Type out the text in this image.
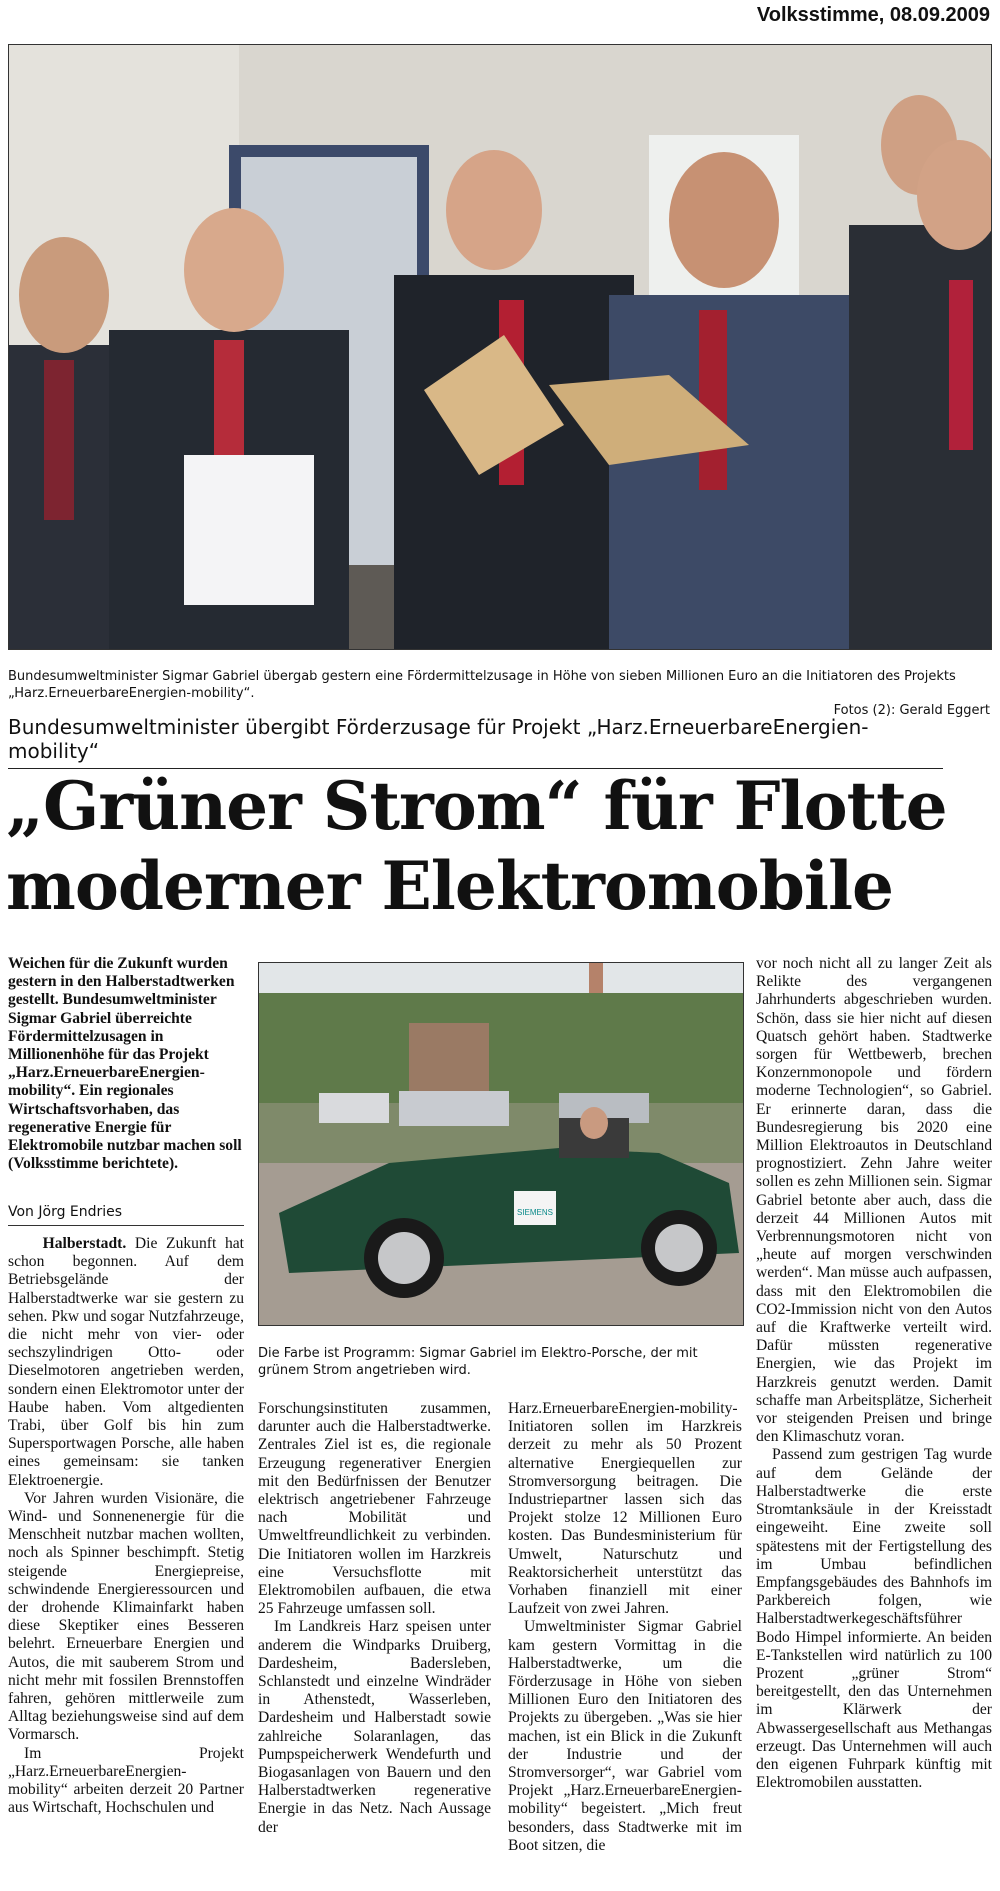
Volksstimme, 08.09.2009
Bundesumweltminister Sigmar Gabriel übergab gestern eine Fördermittelzusage in Höhe von sieben Millionen Euro an die Initiatoren des Projekts „Harz.ErneuerbareEnergien-mobility“.
Fotos (2): Gerald Eggert
Bundesumweltminister übergibt Förderzusage für Projekt „Harz.ErneuerbareEnergien-mobility“
„Grüner Strom“ für Flotte
moderner Elektromobile

Weichen für die Zukunft wurden gestern in den Halberstadtwerken gestellt. Bundesumweltminister Sigmar Gabriel überreichte Fördermittelzusagen in Millionenhöhe für das Projekt „Harz.ErneuerbareEnergien-mobility“. Ein regionales Wirtschaftsvorhaben, das regenerative Energie für Elektromobile nutzbar machen soll (Volksstimme berichtete).

Von Jörg Endries	SIEMENS
Die Farbe ist Programm: Sigmar Gabriel im Elektro-Porsche, der mit grünem Strom angetrieben wird.

Halberstadt. Die Zukunft hat schon begonnen. Auf dem Betriebsgelände der Halberstadtwerke war sie gestern zu sehen. Pkw und sogar Nutzfahrzeuge, die nicht mehr von vier- oder sechszylindrigen Otto- oder Dieselmotoren angetrieben werden, sondern einen Elektromotor unter der Haube haben. Vom altgedienten Trabi, über Golf bis hin zum Supersportwagen Porsche, alle haben eines gemeinsam: sie tanken Elektroenergie.

Vor Jahren wurden Visionäre, die Wind- und Sonnenenergie für die Menschheit nutzbar machen wollten, noch als Spinner beschimpft. Stetig steigende Energiepreise, schwindende Energieressourcen und der drohende Klimainfarkt haben diese Skeptiker eines Besseren belehrt. Erneuerbare Energien und Autos, die mit sauberem Strom und nicht mehr mit fossilen Brennstoffen fahren, gehören mittlerweile zum Alltag beziehungsweise sind auf dem Vormarsch.

Im Projekt „Harz.ErneuerbareEnergien-mobility“ arbeiten derzeit 20 Partner aus Wirtschaft, Hochschulen und

Forschungsinstituten zusammen, darunter auch die Halberstadtwerke. Zentrales Ziel ist es, die regionale Erzeugung regenerativer Energien mit den Bedürfnissen der Benutzer elektrisch angetriebener Fahrzeuge nach Mobilität und Umweltfreundlichkeit zu verbinden. Die Initiatoren wollen im Harzkreis eine Versuchsflotte mit Elektromobilen aufbauen, die etwa 25 Fahrzeuge umfassen soll.

Im Landkreis Harz speisen unter anderem die Windparks Druiberg, Dardesheim, Badersleben, Schlanstedt und einzelne Windräder in Athenstedt, Wasserleben, Dardesheim und Halberstadt sowie zahlreiche Solaranlagen, das Pumpspeicherwerk Wendefurth und Biogasanlagen von Bauern und den Halberstadtwerken regenerative Energie in das Netz. Nach Aussage der

Harz.ErneuerbareEnergien-mobility-Initiatoren sollen im Harzkreis derzeit zu mehr als 50 Prozent alternative Energiequellen zur Stromversorgung beitragen. Die Industriepartner lassen sich das Projekt stolze 12 Millionen Euro kosten. Das Bundesministerium für Umwelt, Naturschutz und Reaktorsicherheit unterstützt das Vorhaben finanziell mit einer Laufzeit von zwei Jahren.

Umweltminister Sigmar Gabriel kam gestern Vormittag in die Halberstadtwerke, um die Förderzusage in Höhe von sieben Millionen Euro den Initiatoren des Projekts zu übergeben. „Was sie hier machen, ist ein Blick in die Zukunft der Industrie und der Stromversorger“, war Gabriel vom Projekt „Harz.ErneuerbareEnergien-mobility“ begeistert. „Mich freut besonders, dass Stadtwerke mit im Boot sitzen, die

vor noch nicht all zu langer Zeit als Relikte des vergangenen Jahrhunderts abgeschrieben wurden. Schön, dass sie hier nicht auf diesen Quatsch gehört haben. Stadtwerke sorgen für Wettbewerb, brechen Konzernmonopole und fördern moderne Technologien“, so Gabriel. Er erinnerte daran, dass die Bundesregierung bis 2020 eine Million Elektroautos in Deutschland prognostiziert. Zehn Jahre weiter sollen es zehn Millionen sein. Sigmar Gabriel betonte aber auch, dass die derzeit 44 Millionen Autos mit Verbrennungsmotoren nicht von „heute auf morgen verschwinden werden“. Man müsse auch aufpassen, dass mit den Elektromobilen die CO2-Immission nicht von den Autos auf die Kraftwerke verteilt wird. Dafür müssten regenerative Energien, wie das Projekt im Harzkreis genutzt werden. Damit schaffe man Arbeitsplätze, Sicherheit vor steigenden Preisen und bringe den Klimaschutz voran.

Passend zum gestrigen Tag wurde auf dem Gelände der Halberstadtwerke die erste Stromtanksäule in der Kreisstadt eingeweiht. Eine zweite soll spätestens mit der Fertigstellung des im Umbau befindlichen Empfangsgebäudes des Bahnhofs im Parkbereich folgen, wie Halberstadtwerkegeschäftsführer Bodo Himpel informierte. An beiden E-Tankstellen wird natürlich zu 100 Prozent „grüner Strom“ bereitgestellt, den das Unternehmen im Klärwerk der Abwassergesellschaft aus Methangas erzeugt. Das Unternehmen will auch den eigenen Fuhrpark künftig mit Elektromobilen ausstatten.
